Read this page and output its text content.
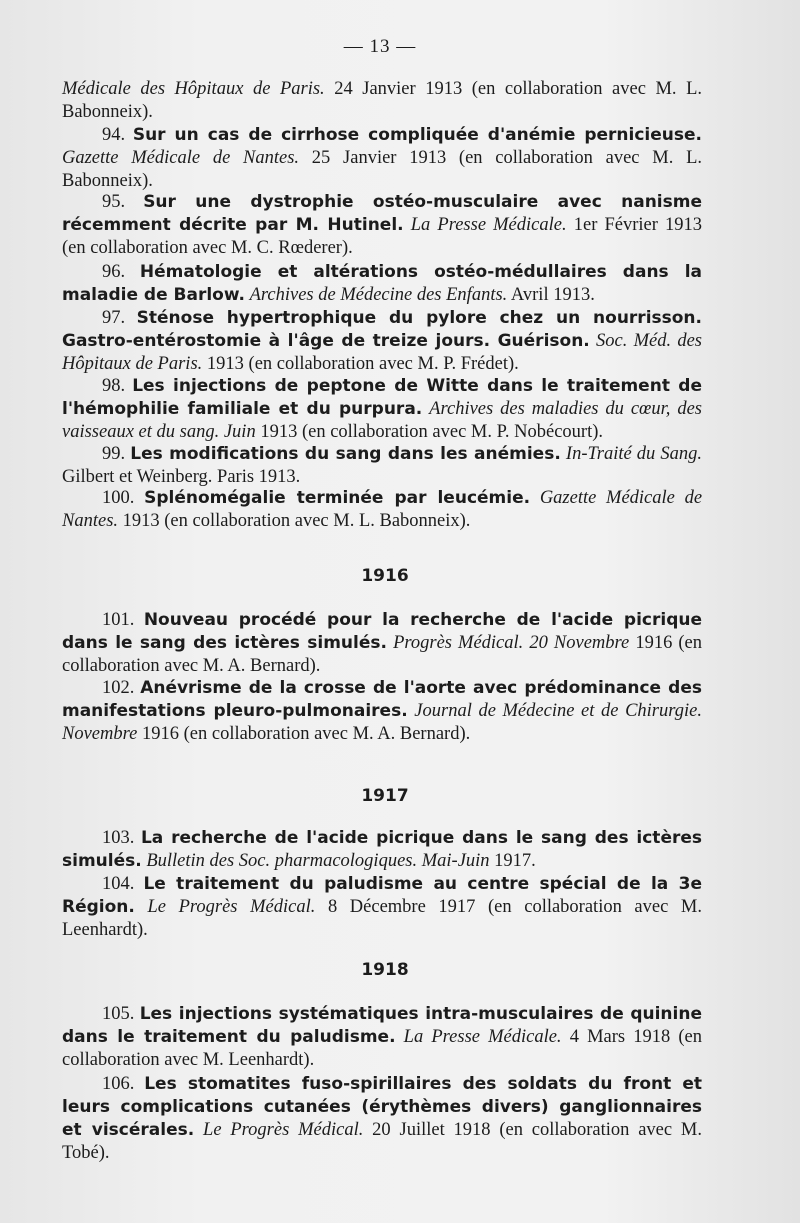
— 13 —
Médicale des Hôpitaux de Paris. 24 Janvier 1913 (en collaboration avec M. L. Babonneix).
94. Sur un cas de cirrhose compliquée d'anémie pernicieuse. Gazette Médicale de Nantes. 25 Janvier 1913 (en collaboration avec M. L. Babonneix).
95. Sur une dystrophie ostéo-musculaire avec nanisme récemment décrite par M. Hutinel. La Presse Médicale. 1er Février 1913 (en collaboration avec M. C. Rœderer).
96. Hématologie et altérations ostéo-médullaires dans la maladie de Barlow. Archives de Médecine des Enfants. Avril 1913.
97. Sténose hypertrophique du pylore chez un nourrisson. Gastro-entérostomie à l'âge de treize jours. Guérison. Soc. Méd. des Hôpitaux de Paris. 1913 (en collaboration avec M. P. Frédet).
98. Les injections de peptone de Witte dans le traitement de l'hémophilie familiale et du purpura. Archives des maladies du cœur, des vaisseaux et du sang. Juin 1913 (en collaboration avec M. P. Nobécourt).
99. Les modifications du sang dans les anémies. In-Traité du Sang. Gilbert et Weinberg. Paris 1913.
100. Splénomégalie terminée par leucémie. Gazette Médicale de Nantes. 1913 (en collaboration avec M. L. Babonneix).
1916
101. Nouveau procédé pour la recherche de l'acide picrique dans le sang des ictères simulés. Progrès Médical. 20 Novembre 1916 (en collaboration avec M. A. Bernard).
102. Anévrisme de la crosse de l'aorte avec prédominance des manifestations pleuro-pulmonaires. Journal de Médecine et de Chirurgie. Novembre 1916 (en collaboration avec M. A. Bernard).
1917
103. La recherche de l'acide picrique dans le sang des ictères simulés. Bulletin des Soc. pharmacologiques. Mai-Juin 1917.
104. Le traitement du paludisme au centre spécial de la 3e Région. Le Progrès Médical. 8 Décembre 1917 (en collaboration avec M. Leenhardt).
1918
105. Les injections systématiques intra-musculaires de quinine dans le traitement du paludisme. La Presse Médicale. 4 Mars 1918 (en collaboration avec M. Leenhardt).
106. Les stomatites fuso-spirillaires des soldats du front et leurs complications cutanées (érythèmes divers) ganglionnaires et viscérales. Le Progrès Médical. 20 Juillet 1918 (en collaboration avec M. Tobé).
